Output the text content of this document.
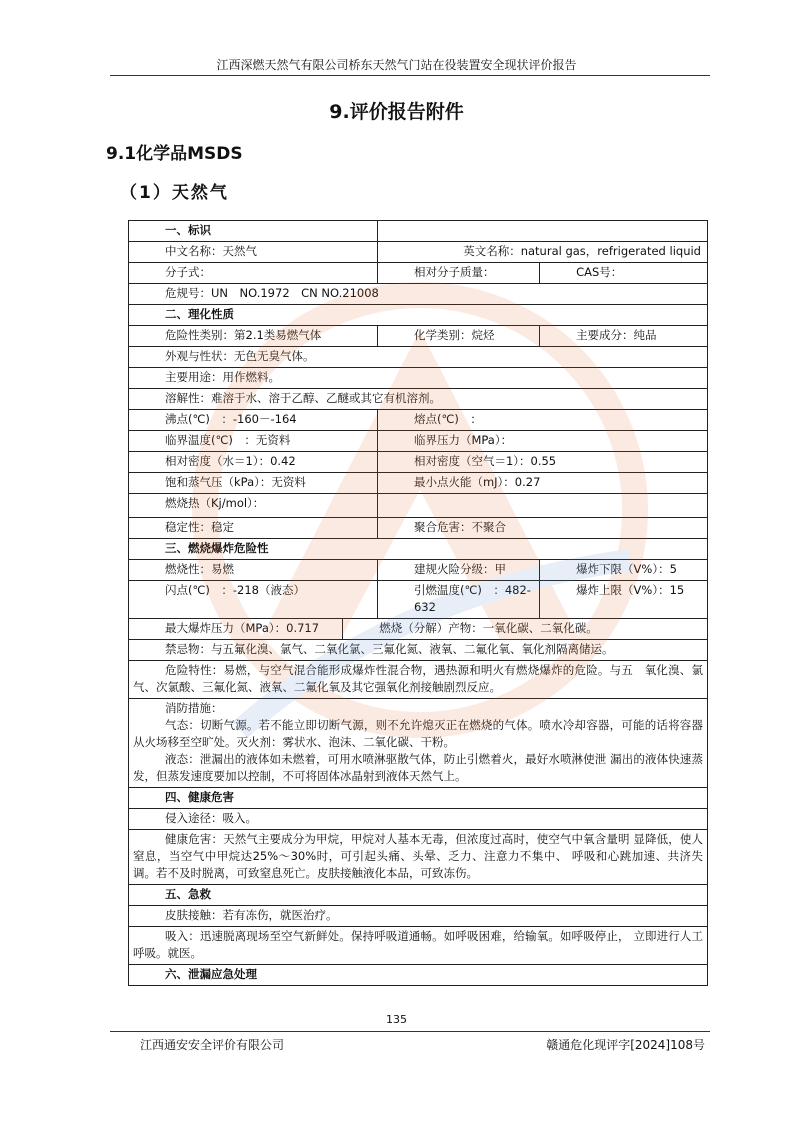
江西深燃天然气有限公司桥东天然气门站在役装置安全现状评价报告
9.评价报告附件
9.1化学品MSDS
（1）天然气
一、标识			
中文名称：天然气		英文名称：natural gas，refrigerated liquid	
分子式：		相对分子质量：	CAS号：
危规号：UN　NO.1972　CN NO.21008			
二、理化性质			
危险性类别：第2.1类易燃气体		化学类别：烷烃	主要成分：纯品
外观与性状：无色无臭气体。			
主要用途：用作燃料。			
溶解性：难溶于水、溶于乙醇、乙醚或其它有机溶剂。			
沸点(℃)　：-160－-164		熔点(℃)　：	
临界温度(℃)　：无资料		临界压力（MPa）：	
相对密度（水＝1）：0.42		相对密度（空气＝1）：0.55	
饱和蒸气压（kPa）：无资料		最小点火能（mJ）：0.27	
燃烧热（Kj/mol）：			
稳定性：稳定		聚合危害：不聚合	
三、燃烧爆炸危险性			
燃烧性：易燃		建规火险分级：甲	爆炸下限（V%）：5
闪点(℃)　：-218（液态）		引燃温度(℃)　：482-632	爆炸上限（V%）：15
最大爆炸压力（MPa）：0.717	燃烧（分解）产物：一氧化碳、二氧化碳。		
禁忌物：与五氟化溴、氯气、二氧化氯、三氟化氮、液氧、二氟化氧、氧化剂隔离储运。			
危险特性：易燃，与空气混合能形成爆炸性混合物，遇热源和明火有燃烧爆炸的危险。与五　氧化溴、氯气、次氯酸、三氟化氮、液氧、二氟化氧及其它强氧化剂接触剧烈反应。			

消防措施：

气态：切断气源。若不能立即切断气源，则不允许熄灭正在燃烧的气体。喷水冷却容器，可能的话将容器从火场移至空旷处。灭火剂：雾状水、泡沫、二氧化碳、干粉。

液态：泄漏出的液体如未燃着，可用水喷淋驱散气体，防止引燃着火，最好水喷淋使泄 漏出的液体快速蒸发，但蒸发速度要加以控制，不可将固体冰晶射到液体天然气上。			

四、健康危害			
侵入途径：吸入。			
健康危害：天然气主要成分为甲烷，甲烷对人基本无毒，但浓度过高时，使空气中氧含量明 显降低，使人窒息，当空气中甲烷达25%～30%时，可引起头痛、头晕、乏力、注意力不集中、 呼吸和心跳加速、共济失调。若不及时脱离，可致窒息死亡。皮肤接触液化本品，可致冻伤。			
五、急救			
皮肤接触：若有冻伤，就医治疗。			
吸入：迅速脱离现场至空气新鲜处。保持呼吸道通畅。如呼吸困难，给输氧。如呼吸停止， 立即进行人工呼吸。就医。			
六、泄漏应急处理			
135
江西通安安全评价有限公司	赣通危化现评字[2024]108号
